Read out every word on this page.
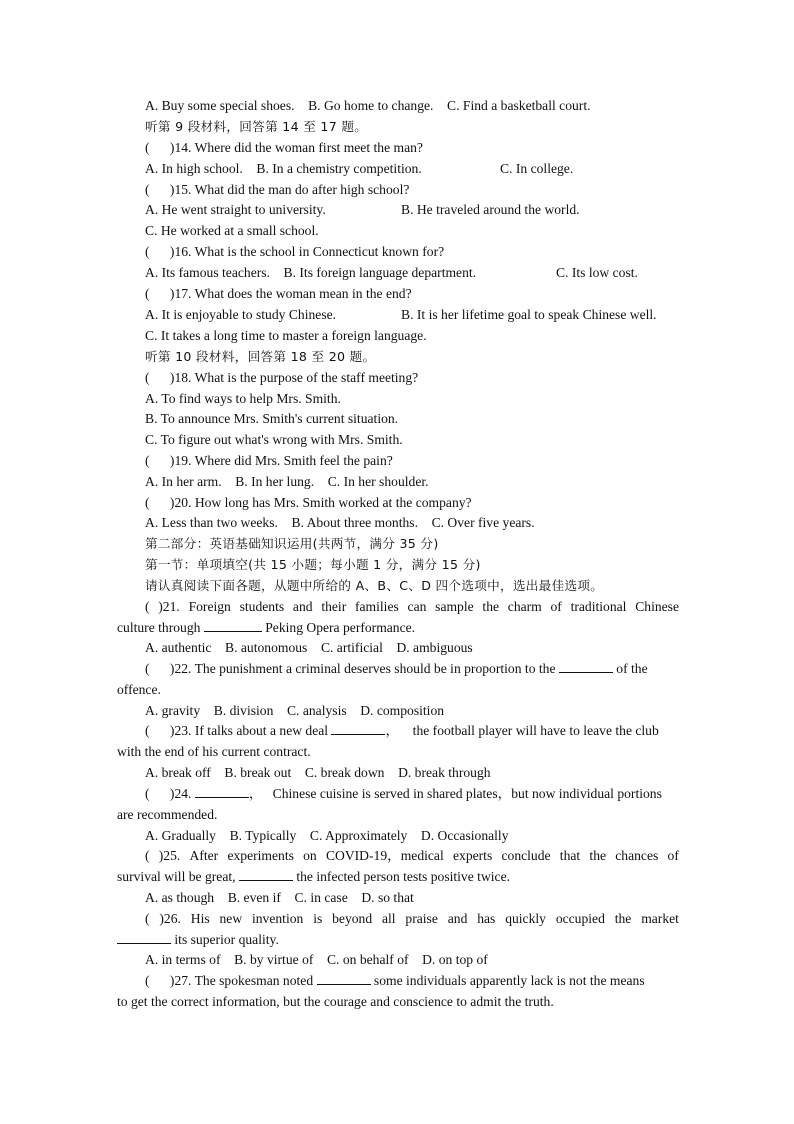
A. Buy some special shoes.    B. Go home to change.    C. Find a basketball court.
听第 9 段材料，回答第 14 至 17 题。
(      )14. Where did the woman first meet the man?
A. In high school.    B. In a chemistry competition.	C. In college.
(      )15. What did the man do after high school?
A. He went straight to university.	B. He traveled around the world.
C. He worked at a small school.
(      )16. What is the school in Connecticut known for?
A. Its famous teachers.    B. Its foreign language department.	C. Its low cost.
(      )17. What does the woman mean in the end?
A. It is enjoyable to study Chinese.	B. It is her lifetime goal to speak Chinese well.
C. It takes a long time to master a foreign language.
听第 10 段材料，回答第 18 至 20 题。
(      )18. What is the purpose of the staff meeting?
A. To find ways to help Mrs. Smith.
B. To announce Mrs. Smith's current situation.
C. To figure out what's wrong with Mrs. Smith.
(      )19. Where did Mrs. Smith feel the pain?
A. In her arm.    B. In her lung.    C. In her shoulder.
(      )20. How long has Mrs. Smith worked at the company?
A. Less than two weeks.    B. About three months.    C. Over five years.
第二部分：英语基础知识运用(共两节，满分 35 分)
第一节：单项填空(共 15 小题；每小题 1 分，满分 15 分)
请认真阅读下面各题，从题中所给的 A、B、C、D 四个选项中，选出最佳选项。
( )21. Foreign students and their families can sample the charm of traditional Chinese
culture through	Peking Opera performance.
A. authentic    B. autonomous    C. artificial    D. ambiguous
(      )22. The punishment a criminal deserves should be in proportion to the	of the
offence.
A. gravity    B. division    C. analysis    D. composition
(      )23. If talks about a new deal	，    the football player will have to leave the club
with the end of his current contract.
A. break off    B. break out    C. break down    D. break through
(      )24.	，   Chinese cuisine is served in shared plates，but now individual portions
are recommended.
A. Gradually    B. Typically    C. Approximately    D. Occasionally
( )25. After experiments on COVID-19，medical experts conclude that the chances of
survival will be great,	the infected person tests positive twice.
A. as though    B. even if    C. in case    D. so that
( )26. His new invention is beyond all praise and has quickly occupied the market
its superior quality.
A. in terms of    B. by virtue of    C. on behalf of    D. on top of
(      )27. The spokesman noted	some individuals apparently lack is not the means
to get the correct information, but the courage and conscience to admit the truth.
